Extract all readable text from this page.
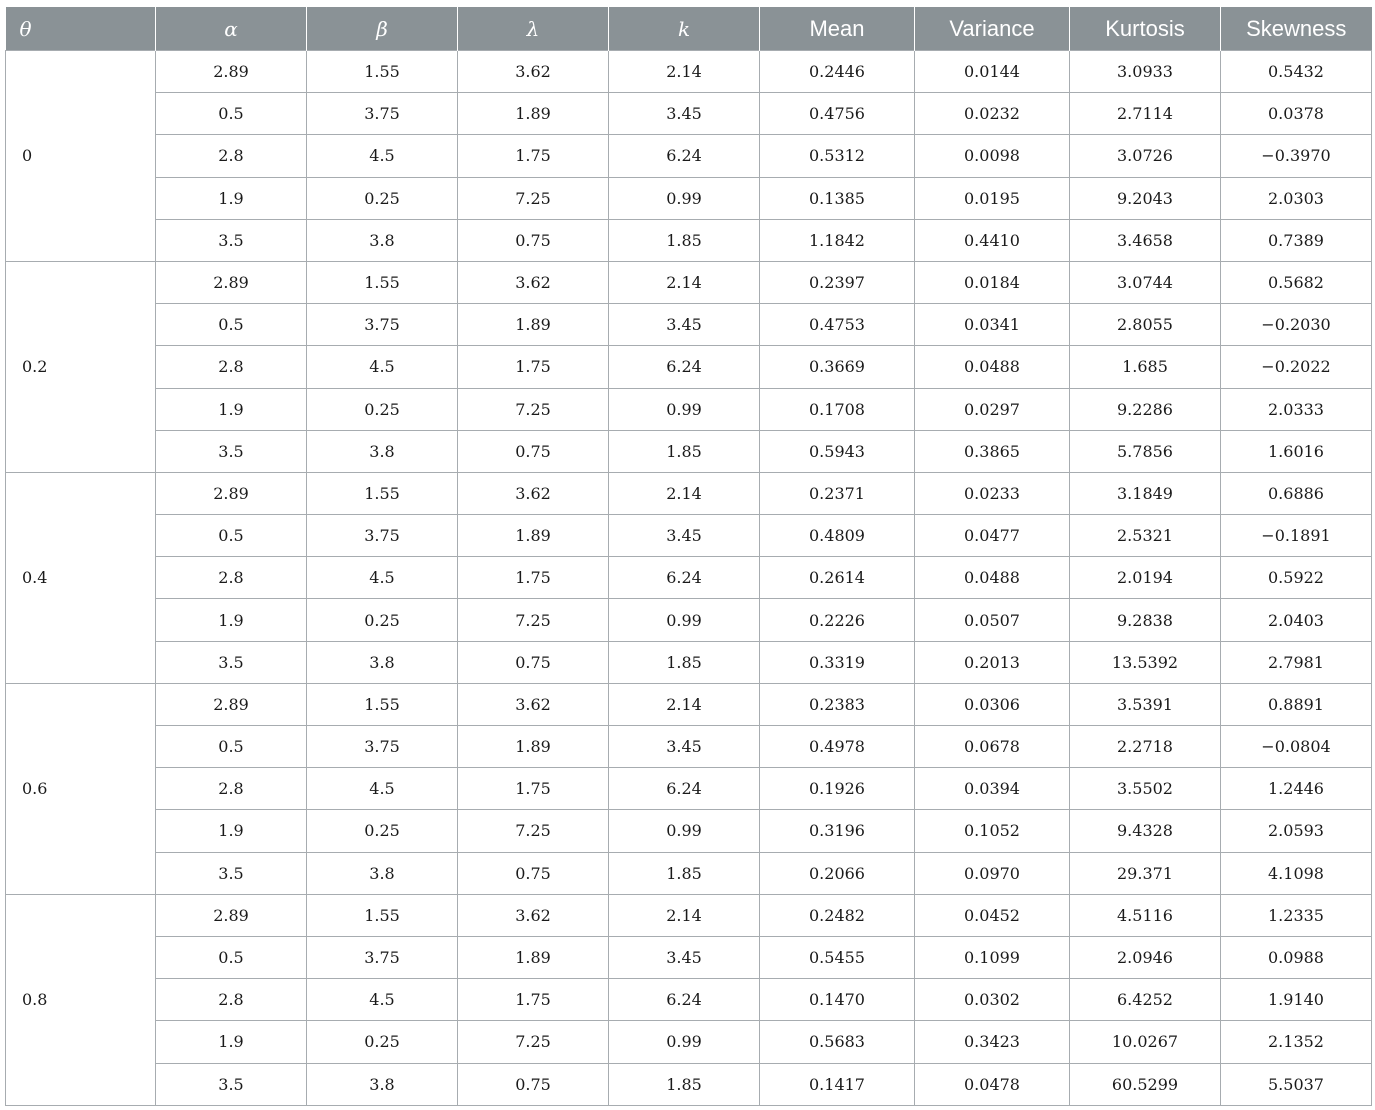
θ	α	β	λ	k	Mean	Variance	Kurtosis	Skewness
0	2.89	1.55	3.62	2.14	0.2446	0.0144	3.0933	0.5432
	0.5	3.75	1.89	3.45	0.4756	0.0232	2.7114	0.0378
	2.8	4.5	1.75	6.24	0.5312	0.0098	3.0726	−0.3970
	1.9	0.25	7.25	0.99	0.1385	0.0195	9.2043	2.0303
	3.5	3.8	0.75	1.85	1.1842	0.4410	3.4658	0.7389
0.2	2.89	1.55	3.62	2.14	0.2397	0.0184	3.0744	0.5682
	0.5	3.75	1.89	3.45	0.4753	0.0341	2.8055	−0.2030
	2.8	4.5	1.75	6.24	0.3669	0.0488	1.685	−0.2022
	1.9	0.25	7.25	0.99	0.1708	0.0297	9.2286	2.0333
	3.5	3.8	0.75	1.85	0.5943	0.3865	5.7856	1.6016
0.4	2.89	1.55	3.62	2.14	0.2371	0.0233	3.1849	0.6886
	0.5	3.75	1.89	3.45	0.4809	0.0477	2.5321	−0.1891
	2.8	4.5	1.75	6.24	0.2614	0.0488	2.0194	0.5922
	1.9	0.25	7.25	0.99	0.2226	0.0507	9.2838	2.0403
	3.5	3.8	0.75	1.85	0.3319	0.2013	13.5392	2.7981
0.6	2.89	1.55	3.62	2.14	0.2383	0.0306	3.5391	0.8891
	0.5	3.75	1.89	3.45	0.4978	0.0678	2.2718	−0.0804
	2.8	4.5	1.75	6.24	0.1926	0.0394	3.5502	1.2446
	1.9	0.25	7.25	0.99	0.3196	0.1052	9.4328	2.0593
	3.5	3.8	0.75	1.85	0.2066	0.0970	29.371	4.1098
0.8	2.89	1.55	3.62	2.14	0.2482	0.0452	4.5116	1.2335
	0.5	3.75	1.89	3.45	0.5455	0.1099	2.0946	0.0988
	2.8	4.5	1.75	6.24	0.1470	0.0302	6.4252	1.9140
	1.9	0.25	7.25	0.99	0.5683	0.3423	10.0267	2.1352
	3.5	3.8	0.75	1.85	0.1417	0.0478	60.5299	5.5037
